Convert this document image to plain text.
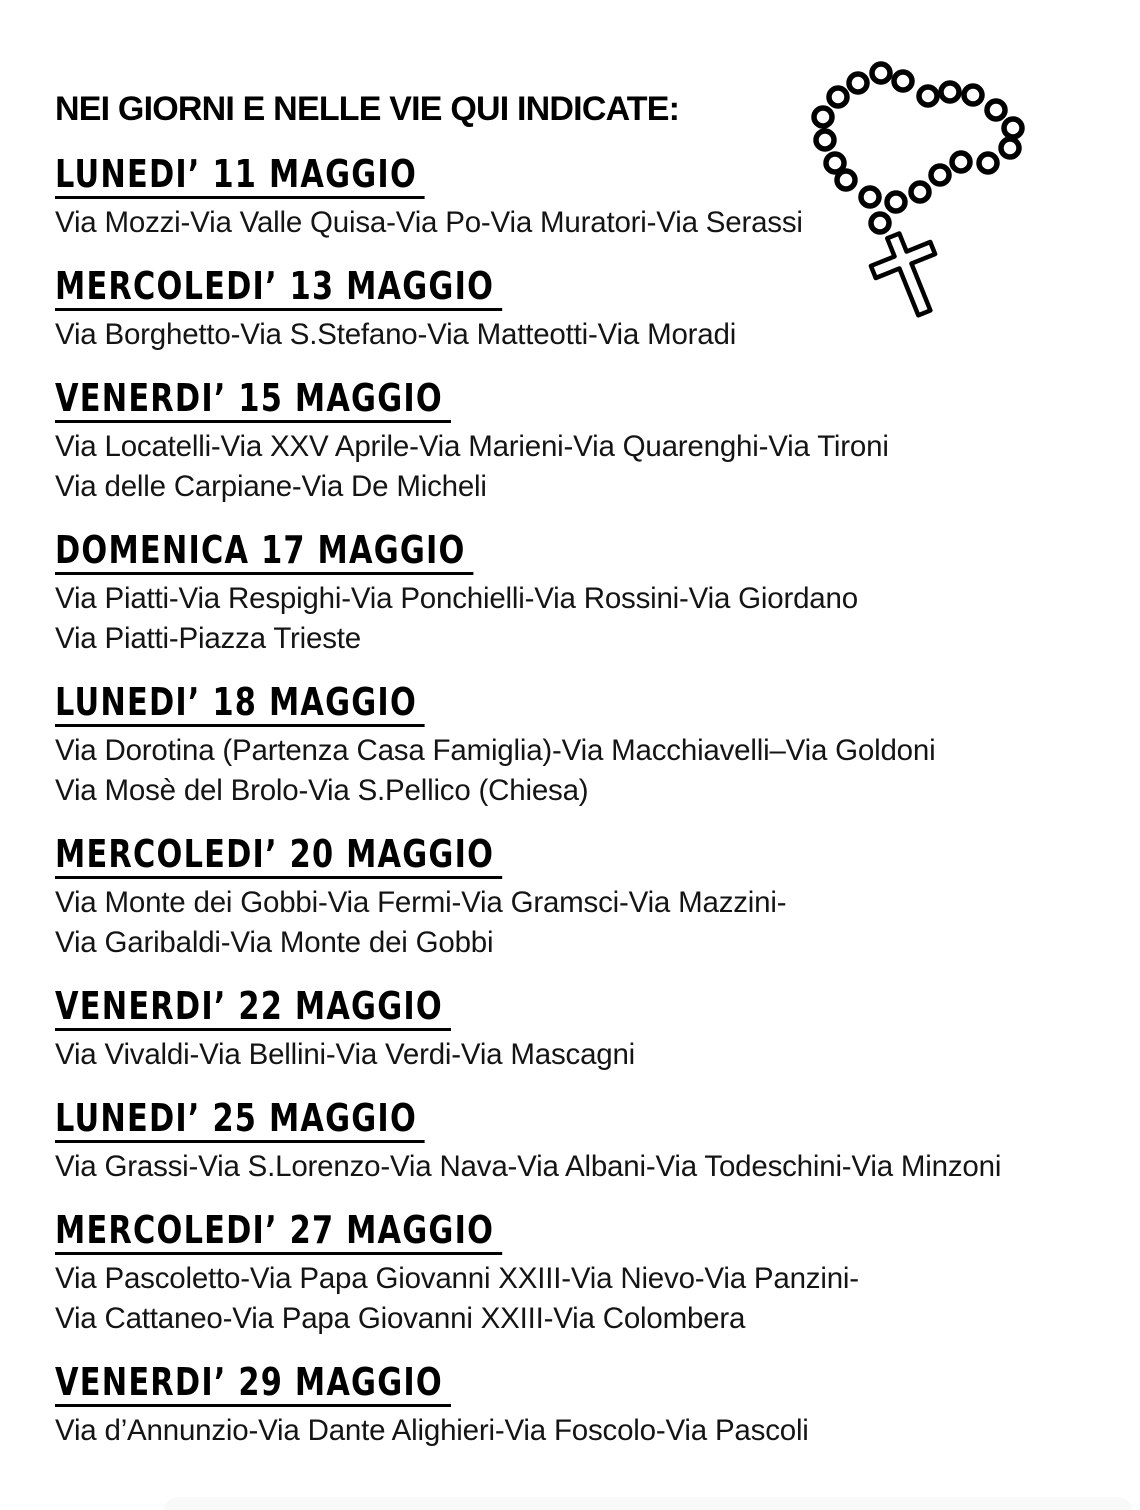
NEI GIORNI E NELLE VIE QUI INDICATE:
LUNEDI’ 11 MAGGIO
Via Mozzi-Via Valle Quisa-Via Po-Via Muratori-Via Serassi
MERCOLEDI’ 13 MAGGIO
Via Borghetto-Via S.Stefano-Via Matteotti-Via Moradi
VENERDI’ 15 MAGGIO
Via Locatelli-Via XXV Aprile-Via Marieni-Via Quarenghi-Via Tironi
Via delle Carpiane-Via De Micheli
DOMENICA 17 MAGGIO
Via Piatti-Via Respighi-Via Ponchielli-Via Rossini-Via Giordano
Via Piatti-Piazza Trieste
LUNEDI’ 18 MAGGIO
Via Dorotina (Partenza Casa Famiglia)-Via Macchiavelli–Via Goldoni
Via Mosè del Brolo-Via S.Pellico (Chiesa)
MERCOLEDI’ 20 MAGGIO
Via Monte dei Gobbi-Via Fermi-Via Gramsci-Via Mazzini-
Via Garibaldi-Via Monte dei Gobbi
VENERDI’ 22 MAGGIO
Via Vivaldi-Via Bellini-Via Verdi-Via Mascagni
LUNEDI’ 25 MAGGIO
Via Grassi-Via S.Lorenzo-Via Nava-Via Albani-Via Todeschini-Via Minzoni
MERCOLEDI’ 27 MAGGIO
Via Pascoletto-Via Papa Giovanni XXIII-Via Nievo-Via Panzini-
Via Cattaneo-Via Papa Giovanni XXIII-Via Colombera
VENERDI’ 29 MAGGIO
Via d’Annunzio-Via Dante Alighieri-Via Foscolo-Via Pascoli
